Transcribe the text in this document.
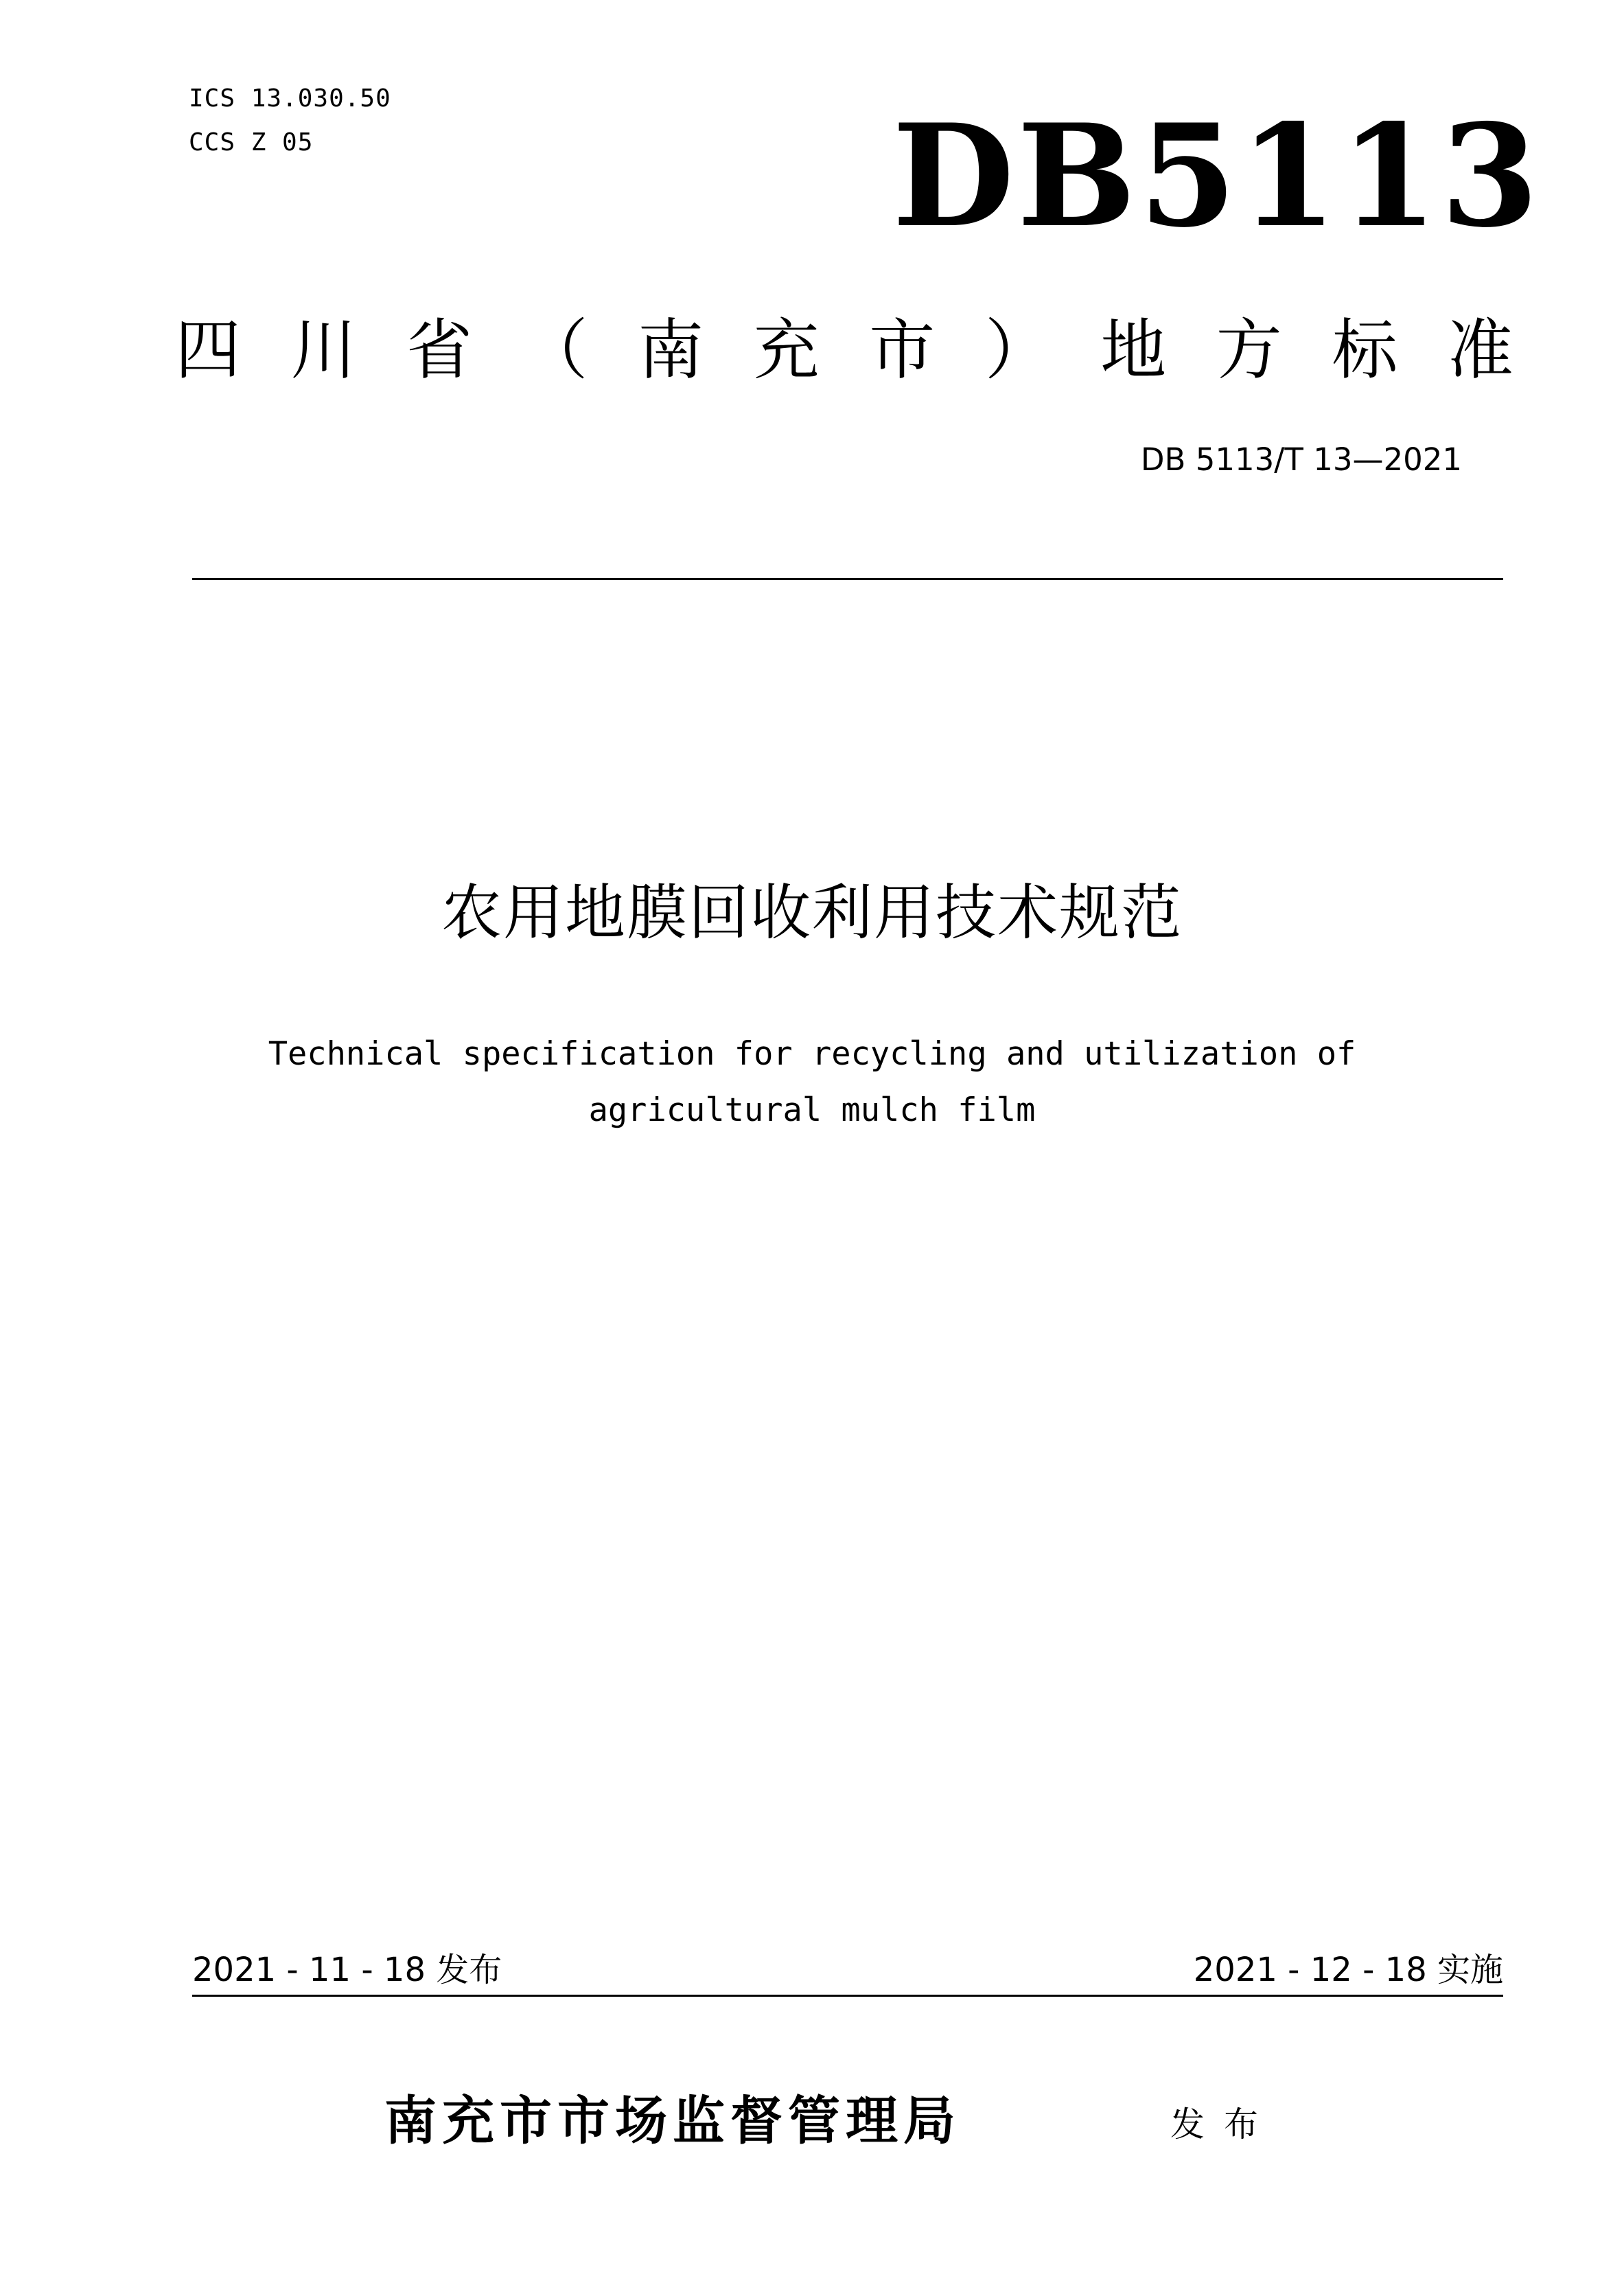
ICS 13.030.50
CCS Z 05	DB5113
四 川 省 （ 南 充 市 ） 地 方 标 准
DB 5113/T 13—2021
农用地膜回收利用技术规范
Technical specification for recycling and utilization of
agricultural mulch film
2021 - 11 - 18 发布	2021 - 12 - 18 实施
南充市市场监督管理局	发布
